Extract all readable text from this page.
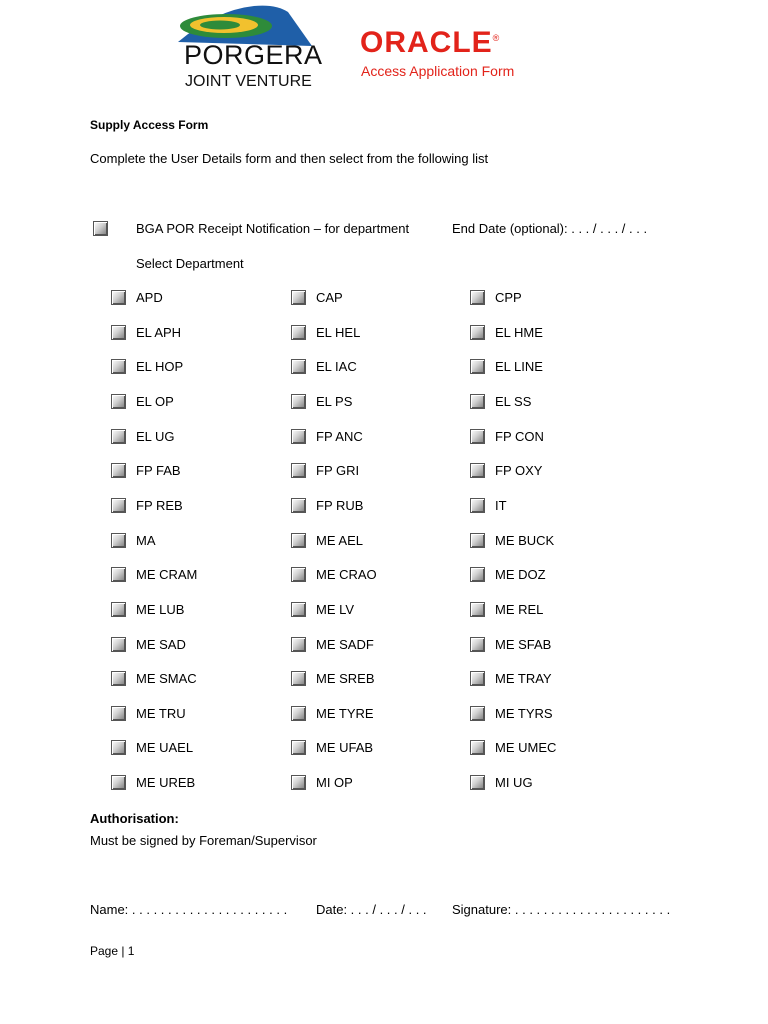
PORGERA
JOINT VENTURE
ORACLE®
Access Application Form
Supply Access Form
Complete the User Details form and then select from the following list
BGA POR Receipt Notification – for department	End Date (optional): . . . / . . . / . . .
Select Department
APD	CAP	CPP
EL APH	EL HEL	EL HME
EL HOP	EL IAC	EL LINE
EL OP	EL PS	EL SS
EL UG	FP ANC	FP CON
FP FAB	FP GRI	FP OXY
FP REB	FP RUB	IT
MA	ME AEL	ME BUCK
ME CRAM	ME CRAO	ME DOZ
ME LUB	ME LV	ME REL
ME SAD	ME SADF	ME SFAB
ME SMAC	ME SREB	ME TRAY
ME TRU	ME TYRE	ME TYRS
ME UAEL	ME UFAB	ME UMEC
ME UREB	MI OP	MI UG
Authorisation:
Must be signed by Foreman/Supervisor
Name: . . . . . . . . . . . . . . . . . . . . . . Date: . . . / . . . / . . . Signature: . . . . . . . . . . . . . . . . . . . . . .
Page | 1
